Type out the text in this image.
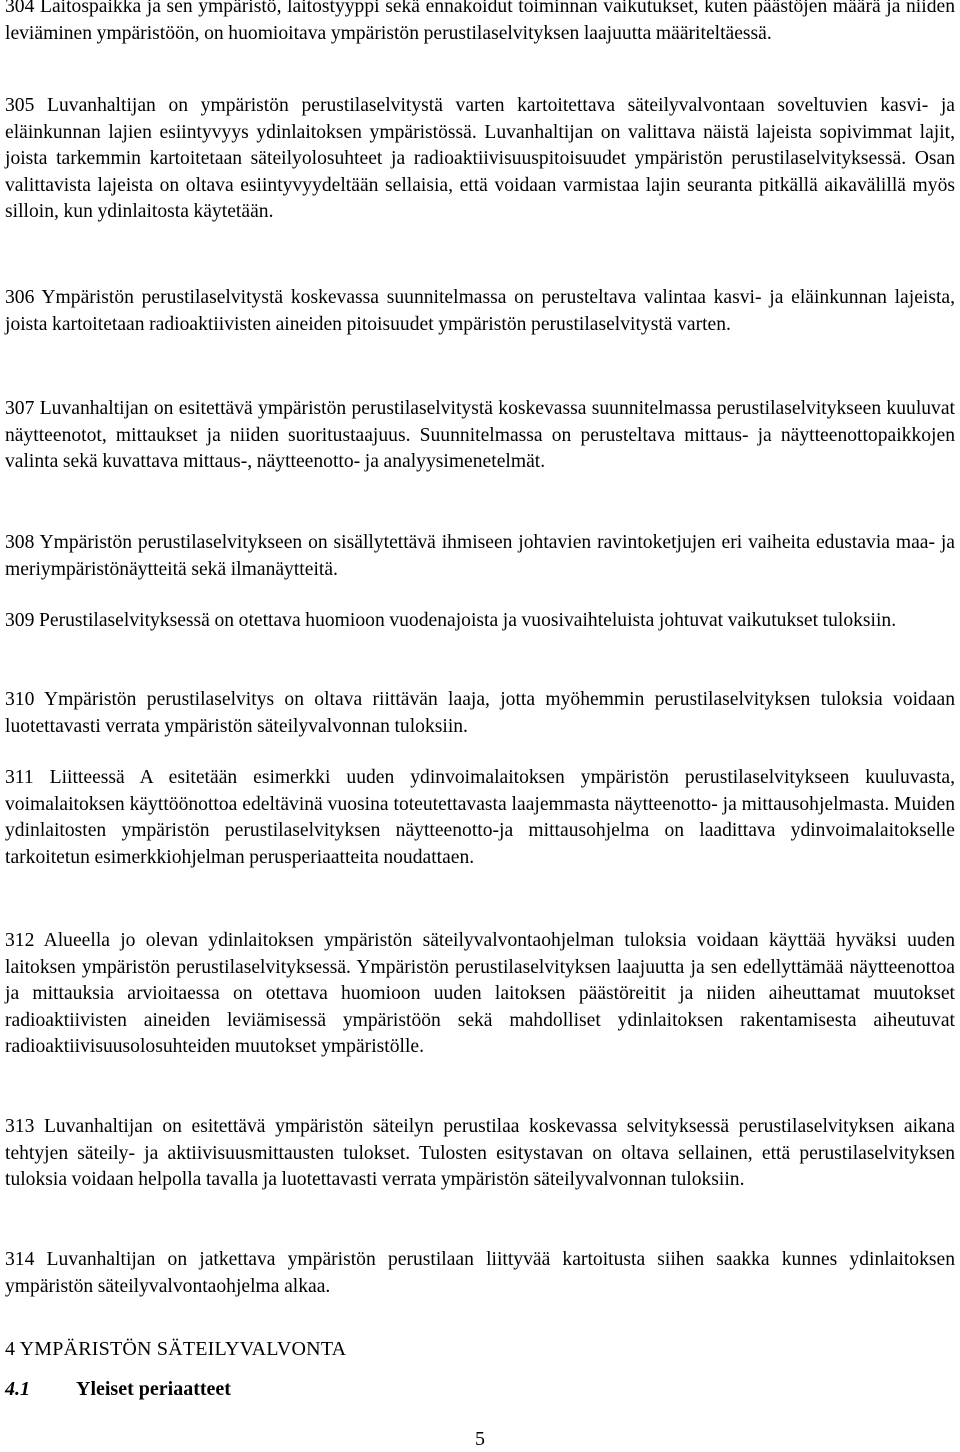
304 Laitospaikka ja sen ympäristö, laitostyyppi sekä ennakoidut toiminnan vaikutukset, kuten päästöjen määrä ja niiden leviäminen ympäristöön, on huomioitava ympäristön perustilaselvityksen laajuutta määriteltäessä.

305 Luvanhaltijan on ympäristön perustilaselvitystä varten kartoitettava säteilyvalvontaan soveltuvien kasvi- ja eläinkunnan lajien esiintyvyys ydinlaitoksen ympäristössä. Luvanhaltijan on valittava näistä lajeista sopivimmat lajit, joista tarkemmin kartoitetaan säteilyolosuhteet ja radioaktiivisuuspitoisuudet ympäristön perustilaselvityksessä. Osan valittavista lajeista on oltava esiintyvyydeltään sellaisia, että voidaan varmistaa lajin seuranta pitkällä aikavälillä myös silloin, kun ydinlaitosta käytetään.

306 Ympäristön perustilaselvitystä koskevassa suunnitelmassa on perusteltava valintaa kasvi- ja eläinkunnan lajeista, joista kartoitetaan radioaktiivisten aineiden pitoisuudet ympäristön perustilaselvitystä varten.

307 Luvanhaltijan on esitettävä ympäristön perustilaselvitystä koskevassa suunnitelmassa perustilaselvitykseen kuuluvat näytteenotot, mittaukset ja niiden suoritustaajuus. Suunnitelmassa on perusteltava mittaus- ja näytteenottopaikkojen valinta sekä kuvattava mittaus-, näytteenotto- ja analyysimenetelmät.

308 Ympäristön perustilaselvitykseen on sisällytettävä ihmiseen johtavien ravintoketjujen eri vaiheita edustavia maa- ja meriympäristönäytteitä sekä ilmanäytteitä.

309 Perustilaselvityksessä on otettava huomioon vuodenajoista ja vuosivaihteluista johtuvat vaikutukset tuloksiin.

310 Ympäristön perustilaselvitys on oltava riittävän laaja, jotta myöhemmin perustilaselvityksen tuloksia voidaan luotettavasti verrata ympäristön säteilyvalvonnan tuloksiin.

311 Liitteessä A esitetään esimerkki uuden ydinvoimalaitoksen ympäristön perustilaselvitykseen kuuluvasta, voimalaitoksen käyttöönottoa edeltävinä vuosina toteutettavasta laajemmasta näytteenotto- ja mittausohjelmasta. Muiden ydinlaitosten ympäristön perustilaselvityksen näytteenotto-ja mittausohjelma on laadittava ydinvoimalaitokselle tarkoitetun esimerkkiohjelman perusperiaatteita noudattaen.

312 Alueella jo olevan ydinlaitoksen ympäristön säteilyvalvontaohjelman tuloksia voidaan käyttää hyväksi uuden laitoksen ympäristön perustilaselvityksessä. Ympäristön perustilaselvityksen laajuutta ja sen edellyttämää näytteenottoa ja mittauksia arvioitaessa on otettava huomioon uuden laitoksen päästöreitit ja niiden aiheuttamat muutokset radioaktiivisten aineiden leviämisessä ympäristöön sekä mahdolliset ydinlaitoksen rakentamisesta aiheutuvat radioaktiivisuusolosuhteiden muutokset ympäristölle.

313 Luvanhaltijan on esitettävä ympäristön säteilyn perustilaa koskevassa selvityksessä perustilaselvityksen aikana tehtyjen säteily- ja aktiivisuusmittausten tulokset. Tulosten esitystavan on oltava sellainen, että perustilaselvityksen tuloksia voidaan helpolla tavalla ja luotettavasti verrata ympäristön säteilyvalvonnan tuloksiin.

314 Luvanhaltijan on jatkettava ympäristön perustilaan liittyvää kartoitusta siihen saakka kunnes ydinlaitoksen ympäristön säteilyvalvontaohjelma alkaa.

4 YMPÄRISTÖN SÄTEILYVALVONTA
4.1 Yleiset periaatteet
5
